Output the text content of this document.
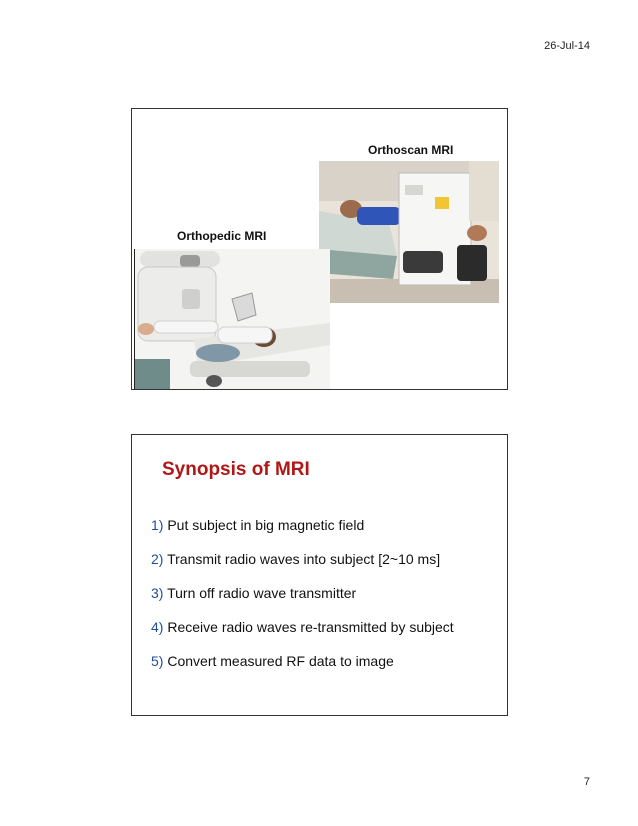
26-Jul-14
Orthoscan MRI
Orthopedic MRI
Synopsis of MRI
1) Put subject in big magnetic field
2) Transmit radio waves into subject [2~10 ms]
3) Turn off radio wave transmitter
4) Receive radio waves re-transmitted by subject
5) Convert measured RF data to image
7
